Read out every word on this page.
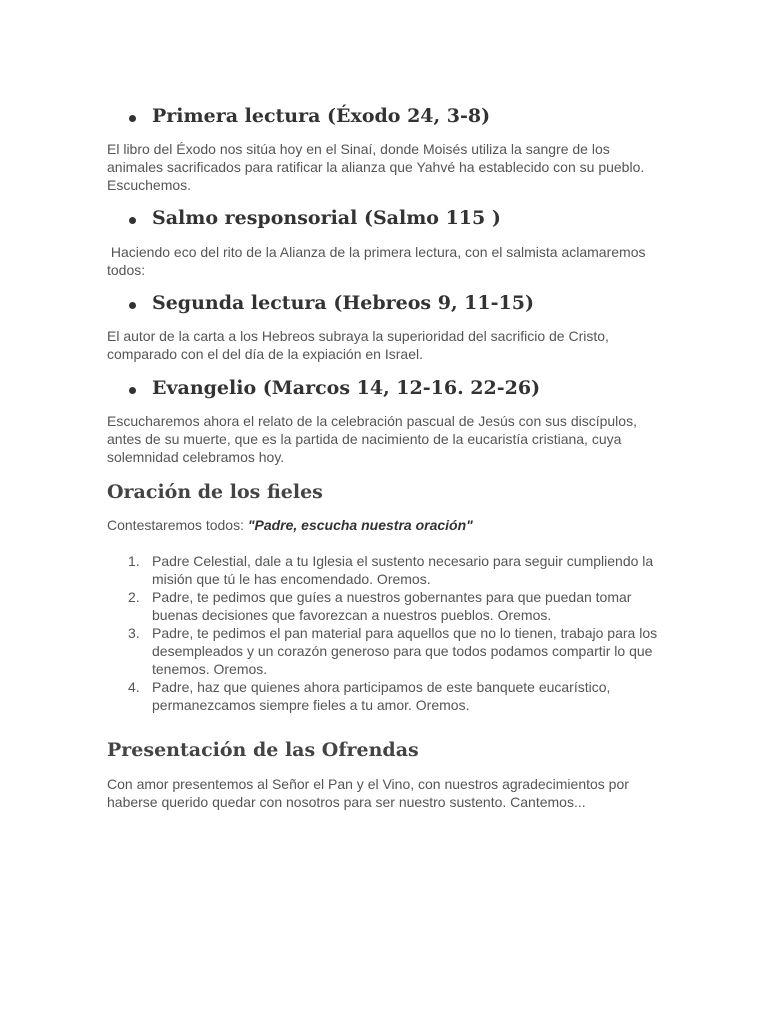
Primera lectura (Éxodo 24, 3-8)

El libro del Éxodo nos sitúa hoy en el Sinaí, donde Moisés utiliza la sangre de los animales sacrificados para ratificar la alianza que Yahvé ha establecido con su pueblo. Escuchemos.

Salmo responsorial (Salmo 115 )

Haciendo eco del rito de la Alianza de la primera lectura, con el salmista aclamaremos todos:

Segunda lectura (Hebreos 9, 11-15)

El autor de la carta a los Hebreos subraya la superioridad del sacrificio de Cristo, comparado con el del día de la expiación en Israel.

Evangelio (Marcos 14, 12-16. 22-26)

Escucharemos ahora el relato de la celebración pascual de Jesús con sus discípulos, antes de su muerte, que es la partida de nacimiento de la eucaristía cristiana, cuya solemnidad celebramos hoy.

Oración de los fieles

Contestaremos todos: "Padre, escucha nuestra oración"

1. Padre Celestial, dale a tu Iglesia el sustento necesario para seguir cumpliendo la misión que tú le has encomendado. Oremos.
2. Padre, te pedimos que guíes a nuestros gobernantes para que puedan tomar buenas decisiones que favorezcan a nuestros pueblos. Oremos.
3. Padre, te pedimos el pan material para aquellos que no lo tienen, trabajo para los desempleados y un corazón generoso para que todos podamos compartir lo que tenemos. Oremos.
4. Padre, haz que quienes ahora participamos de este banquete eucarístico, permanezcamos siempre fieles a tu amor. Oremos.
Presentación de las Ofrendas

Con amor presentemos al Señor el Pan y el Vino, con nuestros agradecimientos por haberse querido quedar con nosotros para ser nuestro sustento. Cantemos...
